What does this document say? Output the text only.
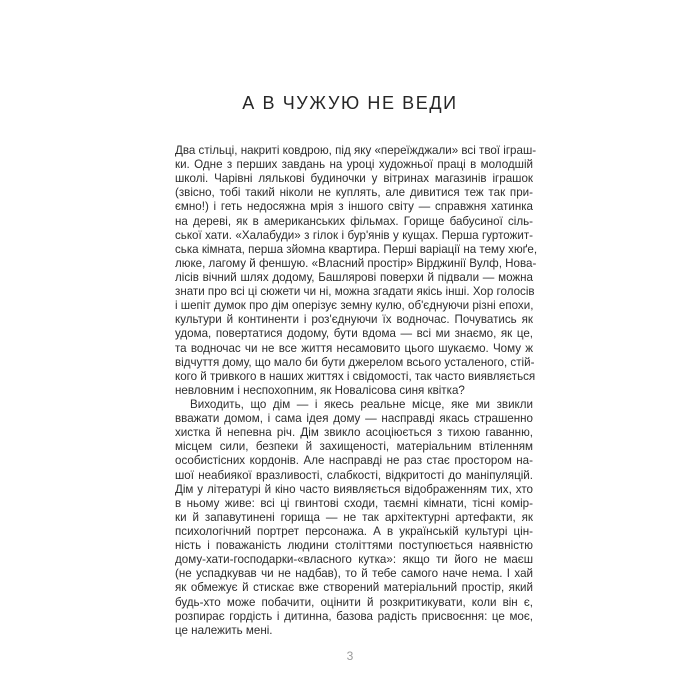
А В ЧУЖУЮ НЕ ВЕДИ
Два стільці, накриті ковдрою, під яку «переїжджали» всі твої іграш-
ки. Одне з перших завдань на уроці художньої праці в молодшій
школі. Чарівні лялькові будиночки у вітринах магазинів іграшок
(звісно, тобі такий ніколи не куплять, але дивитися теж так при-
ємно!) і геть недосяжна мрія з іншого світу — справжня хатинка
на дереві, як в американських фільмах. Горище бабусиної сіль-
ської хати. «Халабуди» з гілок і бур'янів у кущах. Перша гуртожит-
ська кімната, перша зйомна квартира. Перші варіації на тему хюґе,
люке, лагому й феншую. «Власний простір» Вірджинії Вулф, Нова-
лісів вічний шлях додому, Башлярові поверхи й підвали — можна
знати про всі ці сюжети чи ні, можна згадати якісь інші. Хор голосів
і шепіт думок про дім оперізує земну кулю, об'єднуючи різні епохи,
культури й континенти і роз'єднуючи їх водночас. Почуватись як
удома, повертатися додому, бути вдома — всі ми знаємо, як це,
та водночас чи не все життя несамовито цього шукаємо. Чому ж
відчуття дому, що мало би бути джерелом всього усталеного, стій-
кого й тривкого в наших життях і свідомості, так часто виявляється
невловним і неспохопним, як Новалісова синя квітка?
Виходить, що дім — і якесь реальне місце, яке ми звикли
вважати домом, і сама ідея дому — насправді якась страшенно
хистка й непевна річ. Дім звикло асоціюється з тихою гаванню,
місцем сили, безпеки й захищеності, матеріальним втіленням
особистісних кордонів. Але насправді не раз стає простором на-
шої неабиякої вразливості, слабкості, відкритості до маніпуляцій.
Дім у літературі й кіно часто виявляється відображенням тих, хто
в ньому живе: всі ці гвинтові сходи, таємні кімнати, тісні комір-
ки й запавутинені горища — не так архітектурні артефакти, як
психологічний портрет персонажа. А в українській культурі цін-
ність і поважаність людини століттями поступюється наявністю
дому-хати-господарки-«власного кутка»: якщо ти його не маєш
(не успадкував чи не надбав), то й тебе самого наче нема. І хай
як обмежує й стискає вже створений матеріальний простір, який
будь-хто може побачити, оцінити й розкритикувати, коли він є,
розпирає гордість і дитинна, базова радість присвоєння: це моє,
це належить мені.
3
